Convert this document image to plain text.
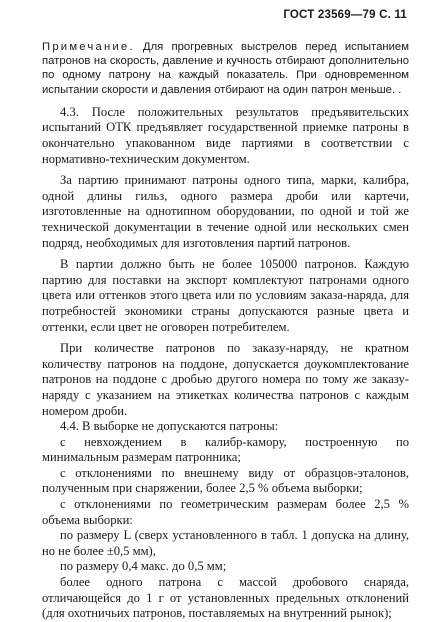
ГОСТ 23569—79 С. 11

Примечание. Для прогревных выстрелов перед испытанием патронов на скорость, давление и кучность отбирают дополнительно по одному патрону на каждый показатель. При одновременном испытании скорости и давления отбирают на один патрон меньше. .

4.3. После положительных результатов предъявительских испытаний ОТК предъявляет государственной приемке патроны в окончательно упакованном виде партиями в соответствии с нормативно-техническим документом.

За партию принимают патроны одного типа, марки, калибра, одной длины гильз, одного размера дроби или картечи, изготовленные на однотипном оборудовании, по одной и той же технической документации в течение одной или нескольких смен подряд, необходимых для изготовления партий патронов.

В партии должно быть не более 105000 патронов. Каждую партию для поставки на экспорт комплектуют патронами одного цвета или оттенков этого цвета или по условиям заказа-наряда, для потребностей экономики страны допускаются разные цвета и оттенки, если цвет не оговорен потребителем.

При количестве патронов по заказу-наряду, не кратном количеству патронов на поддоне, допускается доукомплектование патронов на поддоне с дробью другого номера по тому же заказу-наряду с указанием на этикетках количества патронов с каждым номером дроби.

4.4. В выборке не допускаются патроны:

с невхождением в калибр-камору, построенную по минимальным размерам патронника;

с отклонениями по внешнему виду от образцов-эталонов, полученным при снаряжении, более 2,5 % объема выборки;

с отклонениями по геометрическим размерам более 2,5 % объема выборки:

по размеру L (сверх установленного в табл. 1 допуска на длину, но не более ±0,5 мм),

по размеру 0,4 макс. до 0,5 мм;

более одного патрона с массой дробового снаряда, отличающейся до 1 г от установленных предельных отклонений (для охотничьих патронов, поставляемых на внутренний рынок);
